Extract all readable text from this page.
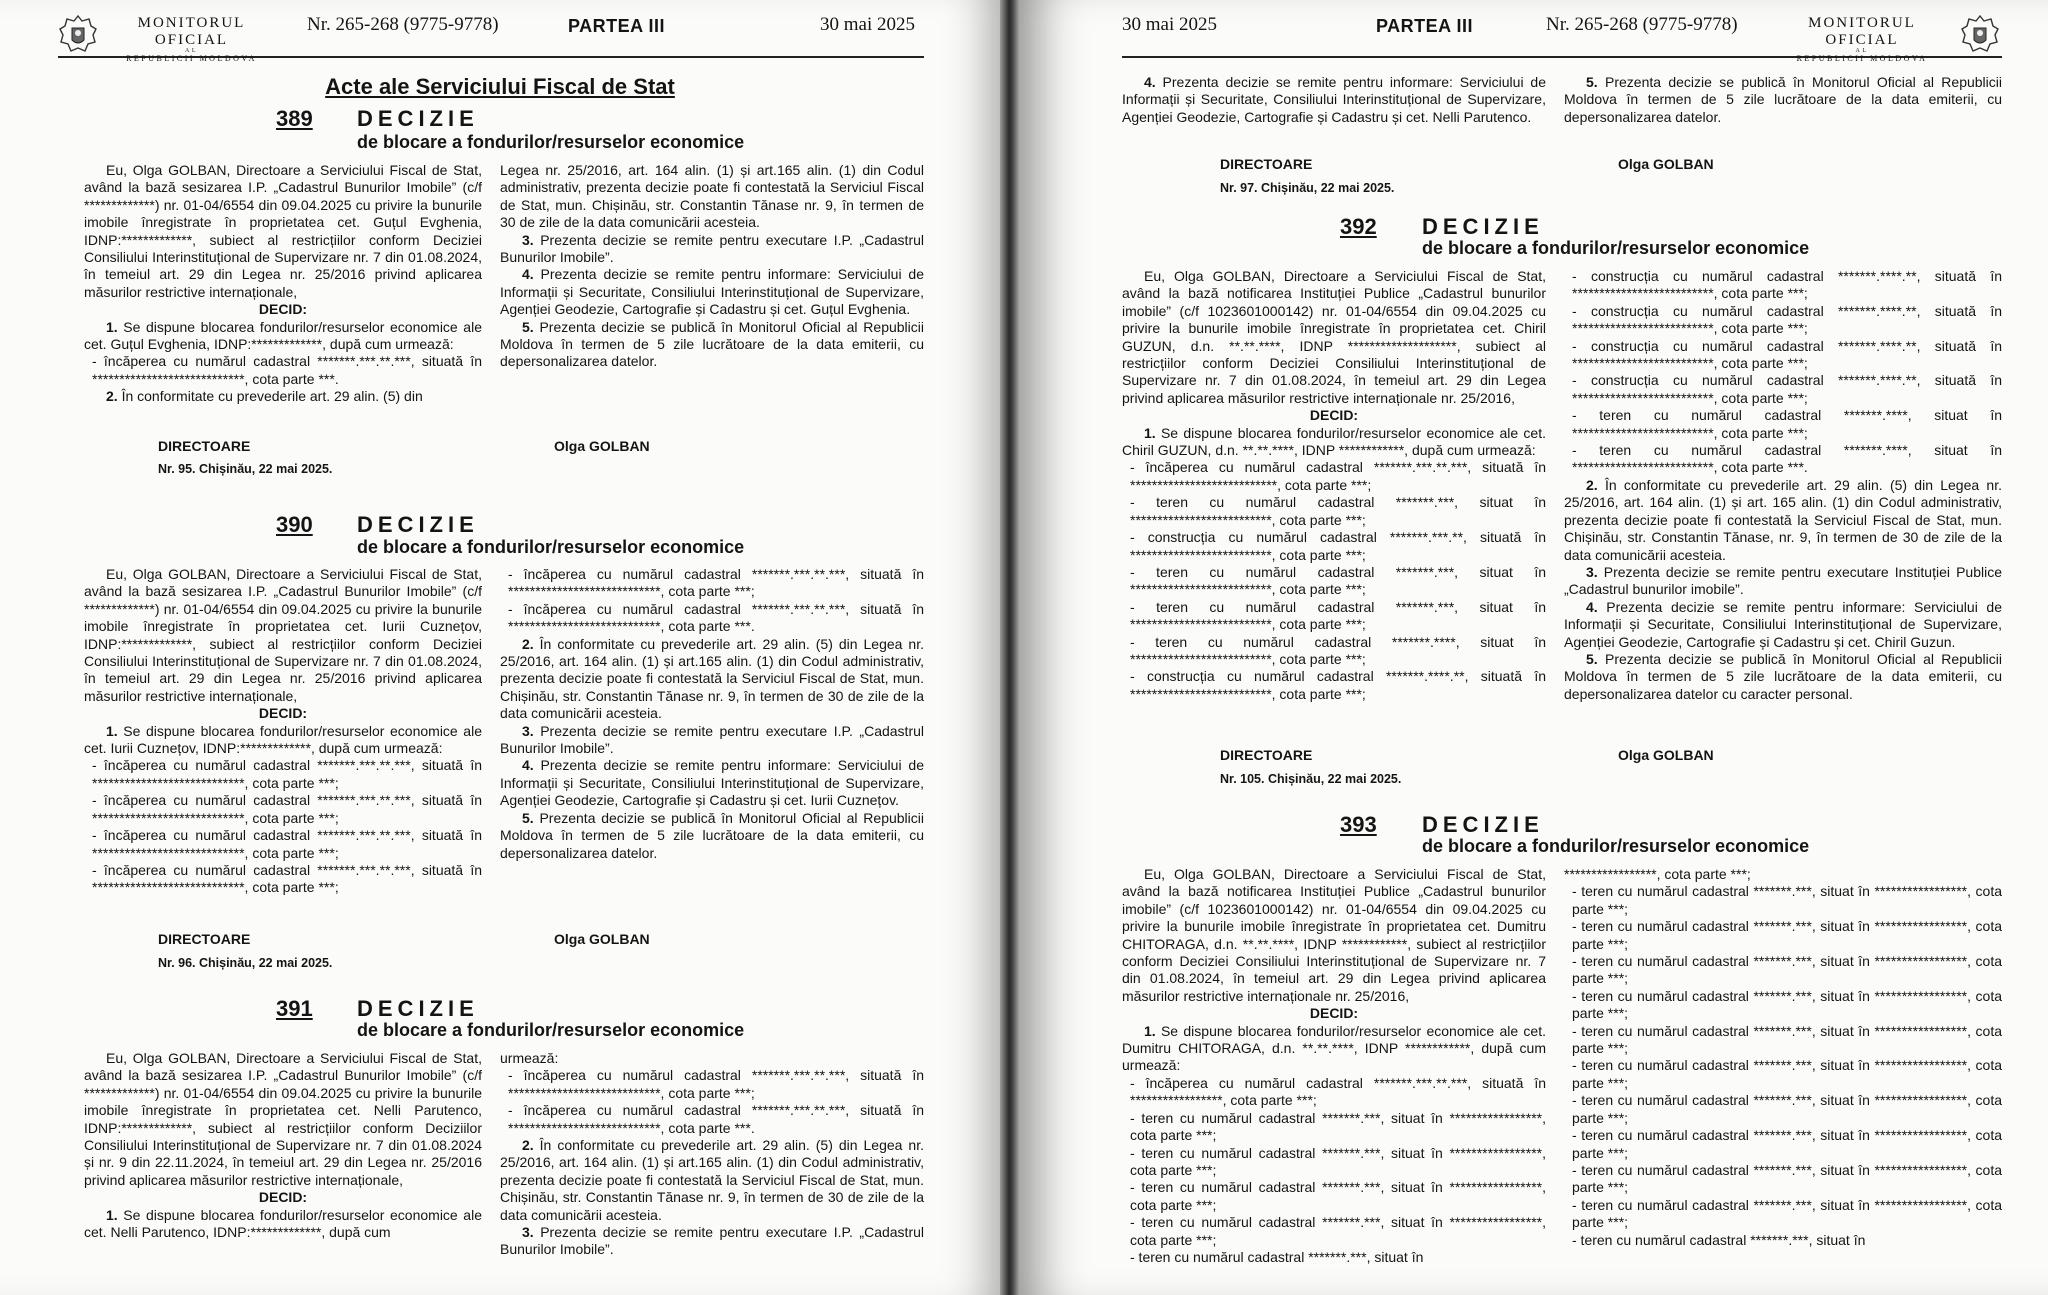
MONITORUL OFICIAL
AL
REPUBLICII MOLDOVA
Nr. 265-268 (9775-9778)	PARTEA III	30 mai 2025
Acte ale Serviciului Fiscal de Stat
389 DECIZIE
de blocare a fondurilor/resurselor economice

Eu, Olga GOLBAN, Directoare a Serviciului Fiscal de Stat, având la bază sesizarea I.P. „Cadastrul Bunurilor Imobile” (c/f *************) nr. 01-04/6554 din 09.04.2025 cu privire la bunurile imobile înregistrate în proprietatea cet. Guțul Evghenia, IDNP:*************, subiect al restricțiilor conform Deciziei Consiliului Interinstituțional de Supervizare nr. 7 din 01.08.2024, în temeiul art. 29 din Legea nr. 25/2016 privind aplicarea măsurilor restrictive internaționale,

DECID:

1. Se dispune blocarea fondurilor/resurselor economice ale cet. Guțul Evghenia, IDNP:*************, după cum urmează:

- încăperea cu numărul cadastral *******.***.**.***, situată în ****************************, cota parte ***.

2. În conformitate cu prevederile art. 29 alin. (5) din

Legea nr. 25/2016, art. 164 alin. (1) și art.165 alin. (1) din Codul administrativ, prezenta decizie poate fi contestată la Serviciul Fiscal de Stat, mun. Chișinău, str. Constantin Tănase nr. 9, în termen de 30 de zile de la data comunicării acesteia.

3. Prezenta decizie se remite pentru executare I.P. „Cadastrul Bunurilor Imobile”.

4. Prezenta decizie se remite pentru informare: Serviciului de Informații și Securitate, Consiliului Interinstituțional de Supervizare, Agenției Geodezie, Cartografie și Cadastru și cet. Guțul Evghenia.

5. Prezenta decizie se publică în Monitorul Oficial al Republicii Moldova în termen de 5 zile lucrătoare de la data emiterii, cu depersonalizarea datelor.

DIRECTOARE	Olga GOLBAN
Nr. 95. Chișinău, 22 mai 2025.
390 DECIZIE
de blocare a fondurilor/resurselor economice

Eu, Olga GOLBAN, Directoare a Serviciului Fiscal de Stat, având la bază sesizarea I.P. „Cadastrul Bunurilor Imobile” (c/f *************) nr. 01-04/6554 din 09.04.2025 cu privire la bunurile imobile înregistrate în proprietatea cet. Iurii Cuznețov, IDNP:*************, subiect al restricțiilor conform Deciziei Consiliului Interinstituțional de Supervizare nr. 7 din 01.08.2024, în temeiul art. 29 din Legea nr. 25/2016 privind aplicarea măsurilor restrictive internaționale,

DECID:

1. Se dispune blocarea fondurilor/resurselor economice ale cet. Iurii Cuznețov, IDNP:*************, după cum urmează:

- încăperea cu numărul cadastral *******.***.**.***, situată în ****************************, cota parte ***;

- încăperea cu numărul cadastral *******.***.**.***, situată în ****************************, cota parte ***;

- încăperea cu numărul cadastral *******.***.**.***, situată în ****************************, cota parte ***;

- încăperea cu numărul cadastral *******.***.**.***, situată în ****************************, cota parte ***;

- încăperea cu numărul cadastral *******.***.**.***, situată în ****************************, cota parte ***;

- încăperea cu numărul cadastral *******.***.**.***, situată în ****************************, cota parte ***.

2. În conformitate cu prevederile art. 29 alin. (5) din Legea nr. 25/2016, art. 164 alin. (1) și art.165 alin. (1) din Codul administrativ, prezenta decizie poate fi contestată la Serviciul Fiscal de Stat, mun. Chișinău, str. Constantin Tănase nr. 9, în termen de 30 de zile de la data comunicării acesteia.

3. Prezenta decizie se remite pentru executare I.P. „Cadastrul Bunurilor Imobile”.

4. Prezenta decizie se remite pentru informare: Serviciului de Informații și Securitate, Consiliului Interinstituțional de Supervizare, Agenției Geodezie, Cartografie și Cadastru și cet. Iurii Cuznețov.

5. Prezenta decizie se publică în Monitorul Oficial al Republicii Moldova în termen de 5 zile lucrătoare de la data emiterii, cu depersonalizarea datelor.

DIRECTOARE	Olga GOLBAN
Nr. 96. Chișinău, 22 mai 2025.
391 DECIZIE
de blocare a fondurilor/resurselor economice

Eu, Olga GOLBAN, Directoare a Serviciului Fiscal de Stat, având la bază sesizarea I.P. „Cadastrul Bunurilor Imobile” (c/f *************) nr. 01-04/6554 din 09.04.2025 cu privire la bunurile imobile înregistrate în proprietatea cet. Nelli Parutenco, IDNP:*************, subiect al restricțiilor conform Deciziilor Consiliului Interinstituțional de Supervizare nr. 7 din 01.08.2024 și nr. 9 din 22.11.2024, în temeiul art. 29 din Legea nr. 25/2016 privind aplicarea măsurilor restrictive internaționale,

DECID:

1. Se dispune blocarea fondurilor/resurselor economice ale cet. Nelli Parutenco, IDNP:*************, după cum

urmează:

- încăperea cu numărul cadastral *******.***.**.***, situată în ****************************, cota parte ***;

- încăperea cu numărul cadastral *******.***.**.***, situată în ****************************, cota parte ***.

2. În conformitate cu prevederile art. 29 alin. (5) din Legea nr. 25/2016, art. 164 alin. (1) și art.165 alin. (1) din Codul administrativ, prezenta decizie poate fi contestată la Serviciul Fiscal de Stat, mun. Chișinău, str. Constantin Tănase nr. 9, în termen de 30 de zile de la data comunicării acesteia.

3. Prezenta decizie se remite pentru executare I.P. „Cadastrul Bunurilor Imobile”.

30 mai 2025	PARTEA III	Nr. 265-268 (9775-9778)	MONITORUL OFICIAL
AL
REPUBLICII MOLDOVA

4. Prezenta decizie se remite pentru informare: Serviciului de Informații și Securitate, Consiliului Interinstituțional de Supervizare, Agenției Geodezie, Cartografie și Cadastru și cet. Nelli Parutenco.

5. Prezenta decizie se publică în Monitorul Oficial al Republicii Moldova în termen de 5 zile lucrătoare de la data emiterii, cu depersonalizarea datelor.

DIRECTOARE	Olga GOLBAN
Nr. 97. Chișinău, 22 mai 2025.
392 DECIZIE
de blocare a fondurilor/resurselor economice

Eu, Olga GOLBAN, Directoare a Serviciului Fiscal de Stat, având la bază notificarea Instituției Publice „Cadastrul bunurilor imobile” (c/f 1023601000142) nr. 01-04/6554 din 09.04.2025 cu privire la bunurile imobile înregistrate în proprietatea cet. Chiril GUZUN, d.n. **.**.****, IDNP ********************, subiect al restricțiilor conform Deciziei Consiliului Interinstituțional de Supervizare nr. 7 din 01.08.2024, în temeiul art. 29 din Legea privind aplicarea măsurilor restrictive internaționale nr. 25/2016,

DECID:

1. Se dispune blocarea fondurilor/resurselor economice ale cet. Chiril GUZUN, d.n. **.**.****, IDNP ************, după cum urmează:

- încăperea cu numărul cadastral *******.***.**.***, situată în ***************************, cota parte ***;

- teren cu numărul cadastral *******.***, situat în **************************, cota parte ***;

- construcția cu numărul cadastral *******.***.**, situată în **************************, cota parte ***;

- teren cu numărul cadastral *******.***, situat în **************************, cota parte ***;

- teren cu numărul cadastral *******.***, situat în **************************, cota parte ***;

- teren cu numărul cadastral *******.****, situat în **************************, cota parte ***;

- construcția cu numărul cadastral *******.****.**, situată în **************************, cota parte ***;

- construcția cu numărul cadastral *******.****.**, situată în **************************, cota parte ***;

- construcția cu numărul cadastral *******.****.**, situată în **************************, cota parte ***;

- construcția cu numărul cadastral *******.****.**, situată în **************************, cota parte ***;

- construcția cu numărul cadastral *******.****.**, situată în **************************, cota parte ***;

- teren cu numărul cadastral *******.****, situat în **************************, cota parte ***;

- teren cu numărul cadastral *******.****, situat în **************************, cota parte ***.

2. În conformitate cu prevederile art. 29 alin. (5) din Legea nr. 25/2016, art. 164 alin. (1) și art. 165 alin. (1) din Codul administrativ, prezenta decizie poate fi contestată la Serviciul Fiscal de Stat, mun. Chișinău, str. Constantin Tănase, nr. 9, în termen de 30 de zile de la data comunicării acesteia.

3. Prezenta decizie se remite pentru executare Instituției Publice „Cadastrul bunurilor imobile”.

4. Prezenta decizie se remite pentru informare: Serviciului de Informații și Securitate, Consiliului Interinstituțional de Supervizare, Agenției Geodezie, Cartografie și Cadastru și cet. Chiril Guzun.

5. Prezenta decizie se publică în Monitorul Oficial al Republicii Moldova în termen de 5 zile lucrătoare de la data emiterii, cu depersonalizarea datelor cu caracter personal.

DIRECTOARE	Olga GOLBAN
Nr. 105. Chișinău, 22 mai 2025.
393 DECIZIE
de blocare a fondurilor/resurselor economice

Eu, Olga GOLBAN, Directoare a Serviciului Fiscal de Stat, având la bază notificarea Instituției Publice „Cadastrul bunurilor imobile” (c/f 1023601000142) nr. 01-04/6554 din 09.04.2025 cu privire la bunurile imobile înregistrate în proprietatea cet. Dumitru CHITORAGA, d.n. **.**.****, IDNP ************, subiect al restricțiilor conform Deciziei Consiliului Interinstituțional de Supervizare nr. 7 din 01.08.2024, în temeiul art. 29 din Legea privind aplicarea măsurilor restrictive internaționale nr. 25/2016,

DECID:

1. Se dispune blocarea fondurilor/resurselor economice ale cet. Dumitru CHITORAGA, d.n. **.**.****, IDNP ************, după cum urmează:

- încăperea cu numărul cadastral *******.***.**.***, situată în *****************, cota parte ***;

- teren cu numărul cadastral *******.***, situat în *****************, cota parte ***;

- teren cu numărul cadastral *******.***, situat în *****************, cota parte ***;

- teren cu numărul cadastral *******.***, situat în *****************, cota parte ***;

- teren cu numărul cadastral *******.***, situat în *****************, cota parte ***;

- teren cu numărul cadastral *******.***, situat în

*****************, cota parte ***;

- teren cu numărul cadastral *******.***, situat în *****************, cota parte ***;

- teren cu numărul cadastral *******.***, situat în *****************, cota parte ***;

- teren cu numărul cadastral *******.***, situat în *****************, cota parte ***;

- teren cu numărul cadastral *******.***, situat în *****************, cota parte ***;

- teren cu numărul cadastral *******.***, situat în *****************, cota parte ***;

- teren cu numărul cadastral *******.***, situat în *****************, cota parte ***;

- teren cu numărul cadastral *******.***, situat în *****************, cota parte ***;

- teren cu numărul cadastral *******.***, situat în *****************, cota parte ***;

- teren cu numărul cadastral *******.***, situat în *****************, cota parte ***;

- teren cu numărul cadastral *******.***, situat în *****************, cota parte ***;

- teren cu numărul cadastral *******.***, situat în
